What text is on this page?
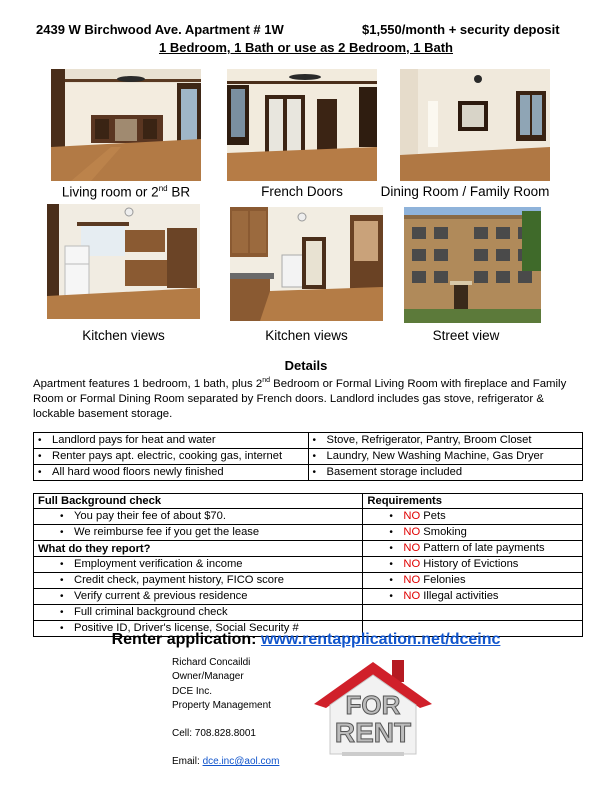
2439 W Birchwood Ave. Apartment # 1W	$1,550/month + security deposit
1 Bedroom, 1 Bath or use as 2 Bedroom, 1 Bath
Living room or 2nd BR	French Doors	Dining Room / Family Room
Kitchen views	Kitchen views	Street view
Details
Apartment features 1 bedroom, 1 bath, plus 2nd Bedroom or Formal Living Room with fireplace and Family Room or Formal Dining Room separated by French doors. Landlord includes gas stove, refrigerator & lockable basement storage.
• Landlord pays for heat and water	• Stove, Refrigerator, Pantry, Broom Closet
• Renter pays apt. electric, cooking gas, internet	• Laundry, New Washing Machine, Gas Dryer
• All hard wood floors newly finished	• Basement storage included
Full Background check	Requirements
• You pay their fee of about $70.	•NO Pets
• We reimburse fee if you get the lease	•NO Smoking
What do they report?	•NO Pattern of late payments
• Employment verification & income	•NO History of Evictions
• Credit check, payment history, FICO score	•NO Felonies
• Verify current & previous residence	•NO Illegal activities
• Full criminal background check	
• Positive ID, Driver's license, Social Security #	
Renter application: www.rentapplication.net/dceinc
Richard Concaildi
Owner/Manager
DCE Inc.
Property Management
Cell: 708.828.8001
Email: dce.inc@aol.com
FOR
RENT
